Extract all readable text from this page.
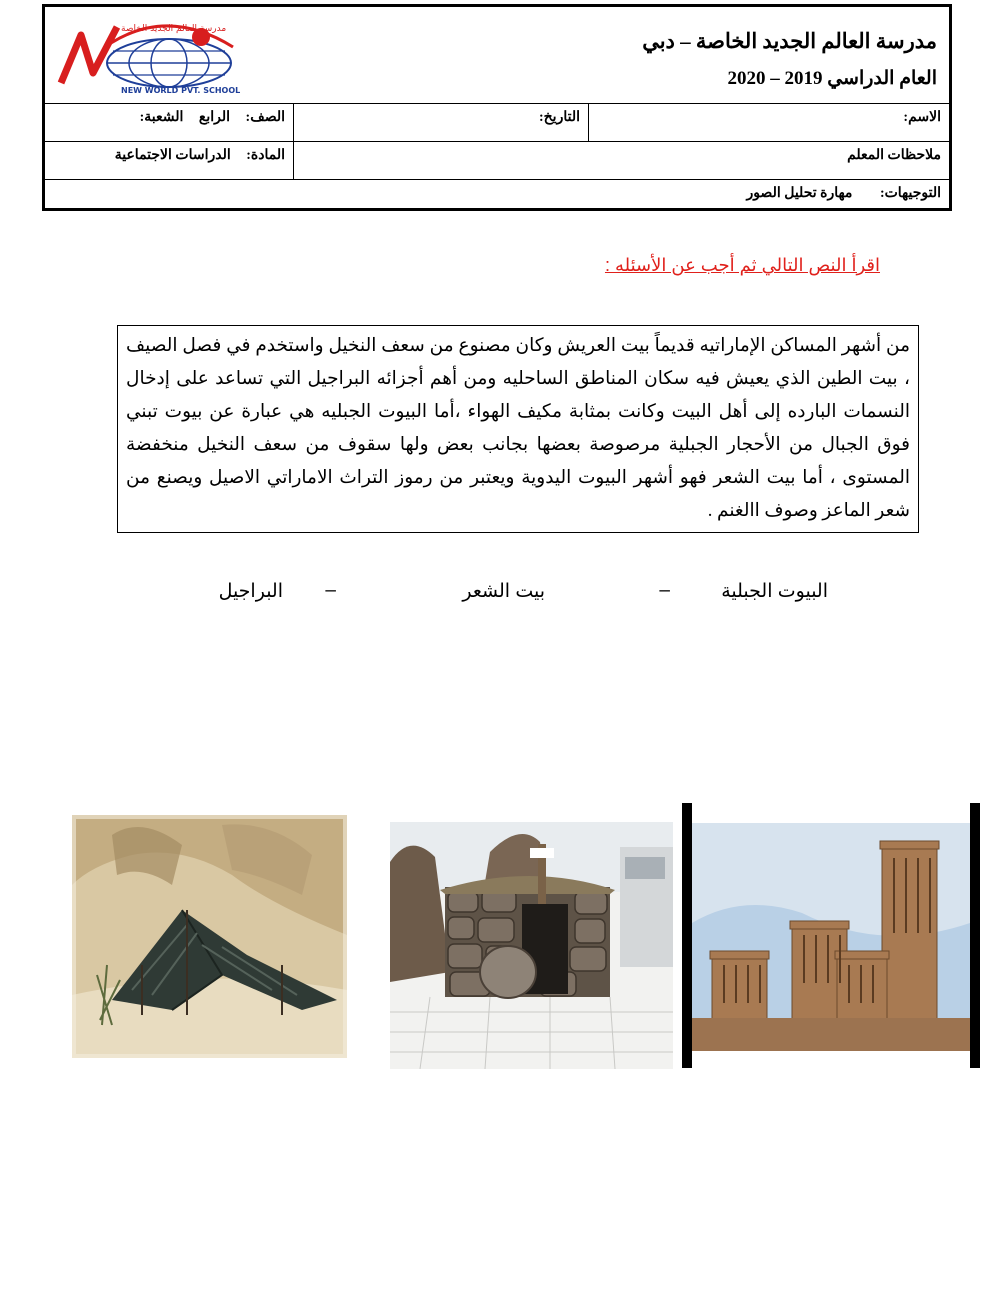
مدرسة العالم الجديد الخاصة
NEW WORLD PVT. SCHOOL
مدرسة العالم الجديد الخاصة – دبي
العام الدراسي 2019 – 2020
الاسم:
التاريخ:
الصف: الرابع الشعبة:
ملاحظات المعلم
المادة: الدراسات الاجتماعية
التوجيهات: مهارة تحليل الصور
اقرأ النص التالي ثم أجب عن الأسئله :
من أشهر المساكن الإماراتيه قديماً بيت العريش وكان مصنوع من سعف النخيل واستخدم في فصل الصيف ، بيت الطين الذي يعيش فيه سكان المناطق الساحليه ومن أهم أجزائه البراجيل التي تساعد على إدخال النسمات البارده إلى أهل البيت وكانت بمثابة مكيف الهواء ،أما البيوت الجبليه هي عبارة عن بيوت تبني فوق الجبال من الأحجار الجبلية مرصوصة بعضها بجانب بعض ولها سقوف من سعف النخيل منخفضة المستوى ، أما بيت الشعر فهو أشهر البيوت اليدوية ويعتبر من رموز التراث الاماراتي الاصيل ويصنع من شعر الماعز وصوف االغنم .
البيوت الجبلية
–
بيت الشعر
–
البراجيل
